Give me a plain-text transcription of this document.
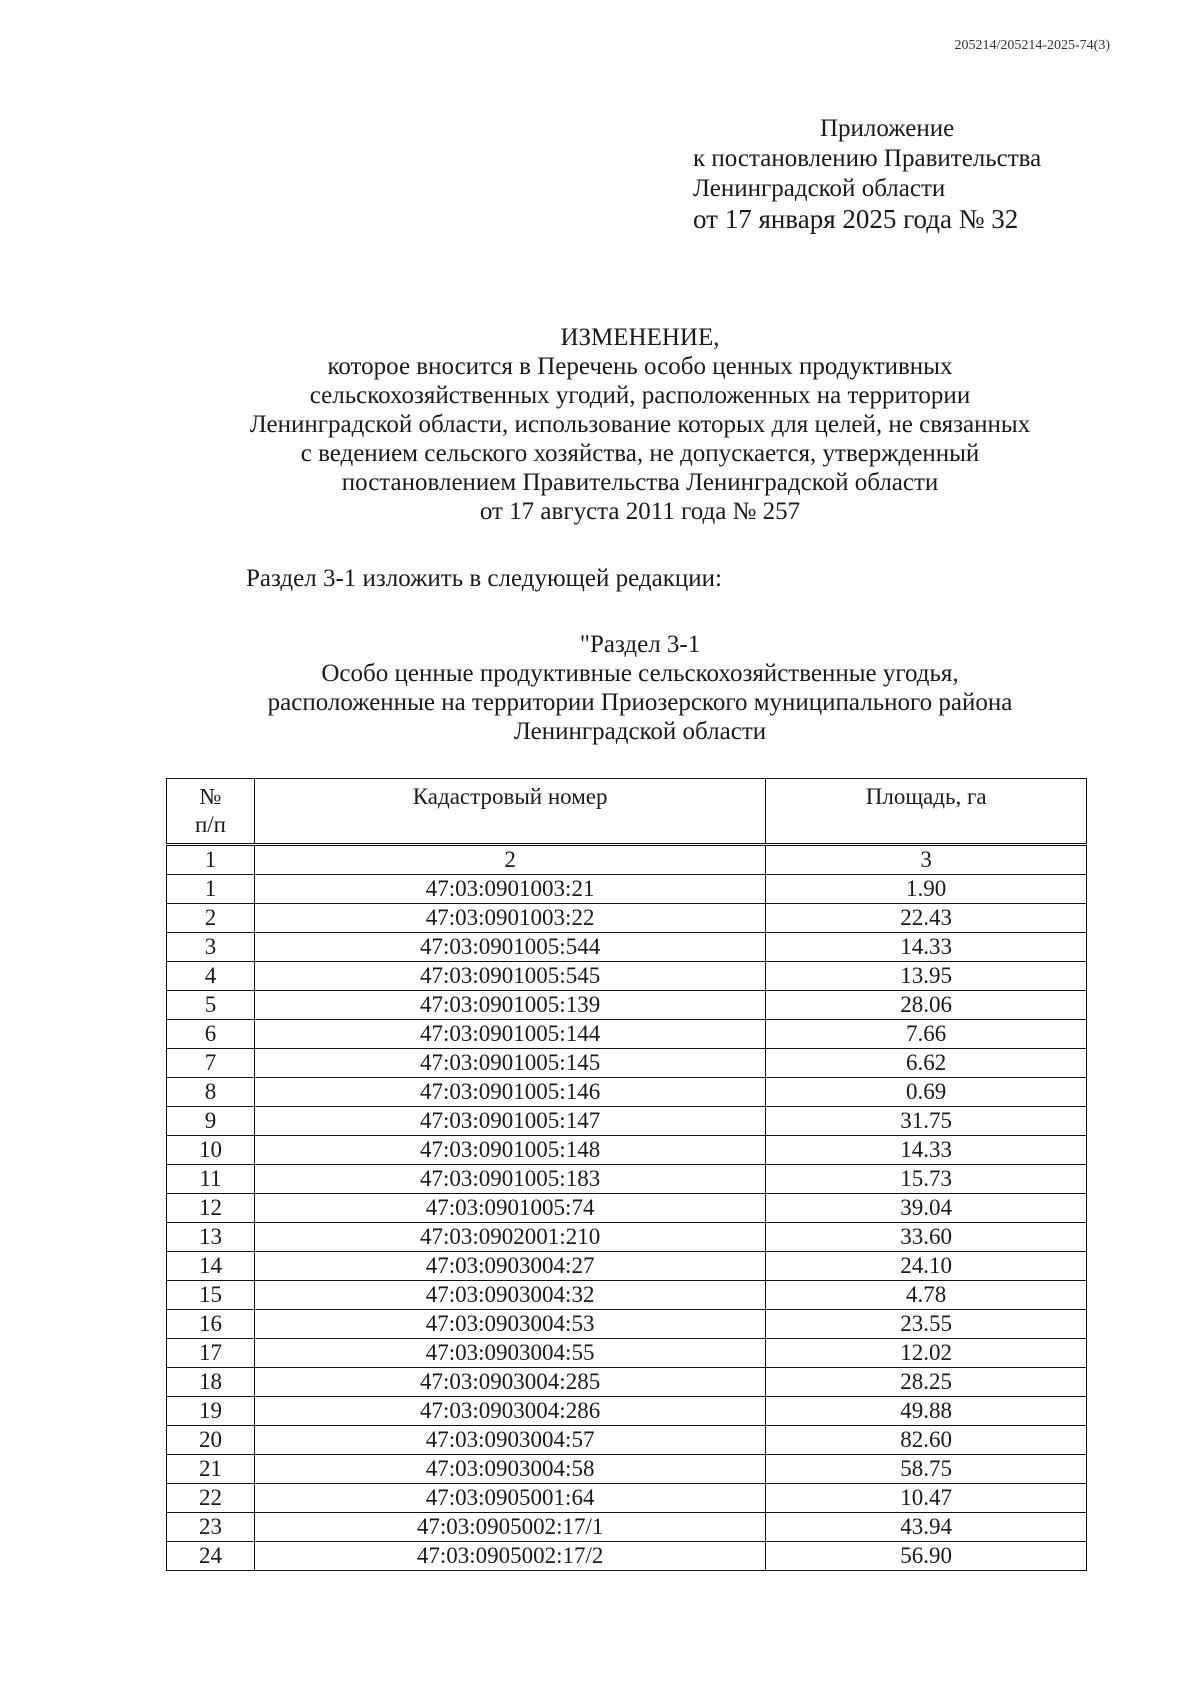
205214/205214-2025-74(3)
Приложение
к постановлению Правительства
Ленинградской области
от 17 января 2025 года № 32
ИЗМЕНЕНИЕ,
которое вносится в Перечень особо ценных продуктивных
сельскохозяйственных угодий, расположенных на территории
Ленинградской области, использование которых для целей, не связанных
с ведением сельского хозяйства, не допускается, утвержденный
постановлением Правительства Ленинградской области
от 17 августа 2011 года № 257
Раздел 3-1 изложить в следующей редакции:
"Раздел 3-1
Особо ценные продуктивные сельскохозяйственные угодья,
расположенные на территории Приозерского муниципального района
Ленинградской области
№
п/п	Кадастровый номер	Площадь, га
1	2	3
1	47:03:0901003:21	1.90
2	47:03:0901003:22	22.43
3	47:03:0901005:544	14.33
4	47:03:0901005:545	13.95
5	47:03:0901005:139	28.06
6	47:03:0901005:144	7.66
7	47:03:0901005:145	6.62
8	47:03:0901005:146	0.69
9	47:03:0901005:147	31.75
10	47:03:0901005:148	14.33
11	47:03:0901005:183	15.73
12	47:03:0901005:74	39.04
13	47:03:0902001:210	33.60
14	47:03:0903004:27	24.10
15	47:03:0903004:32	4.78
16	47:03:0903004:53	23.55
17	47:03:0903004:55	12.02
18	47:03:0903004:285	28.25
19	47:03:0903004:286	49.88
20	47:03:0903004:57	82.60
21	47:03:0903004:58	58.75
22	47:03:0905001:64	10.47
23	47:03:0905002:17/1	43.94
24	47:03:0905002:17/2	56.90
